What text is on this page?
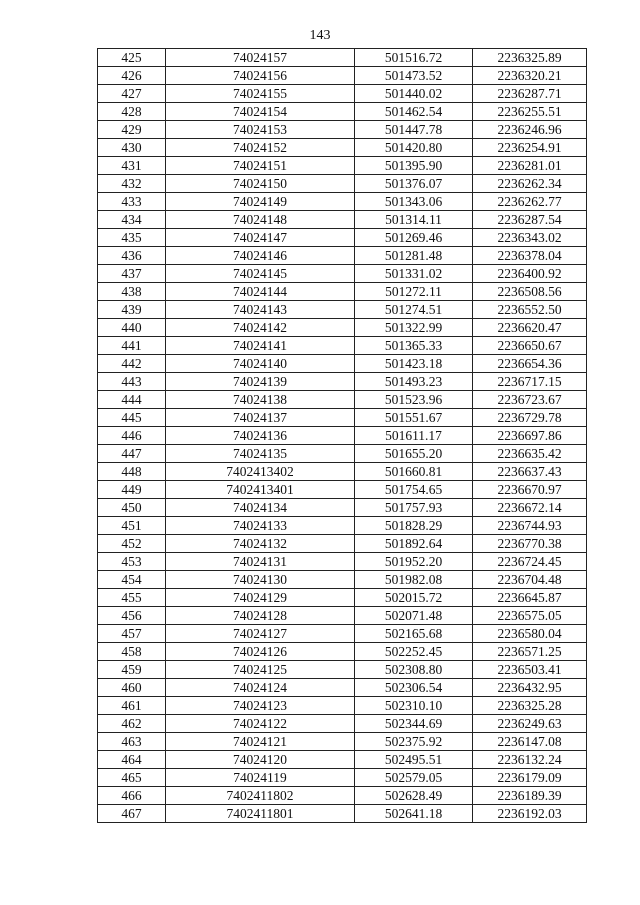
143
425	74024157	501516.72	2236325.89
426	74024156	501473.52	2236320.21
427	74024155	501440.02	2236287.71
428	74024154	501462.54	2236255.51
429	74024153	501447.78	2236246.96
430	74024152	501420.80	2236254.91
431	74024151	501395.90	2236281.01
432	74024150	501376.07	2236262.34
433	74024149	501343.06	2236262.77
434	74024148	501314.11	2236287.54
435	74024147	501269.46	2236343.02
436	74024146	501281.48	2236378.04
437	74024145	501331.02	2236400.92
438	74024144	501272.11	2236508.56
439	74024143	501274.51	2236552.50
440	74024142	501322.99	2236620.47
441	74024141	501365.33	2236650.67
442	74024140	501423.18	2236654.36
443	74024139	501493.23	2236717.15
444	74024138	501523.96	2236723.67
445	74024137	501551.67	2236729.78
446	74024136	501611.17	2236697.86
447	74024135	501655.20	2236635.42
448	7402413402	501660.81	2236637.43
449	7402413401	501754.65	2236670.97
450	74024134	501757.93	2236672.14
451	74024133	501828.29	2236744.93
452	74024132	501892.64	2236770.38
453	74024131	501952.20	2236724.45
454	74024130	501982.08	2236704.48
455	74024129	502015.72	2236645.87
456	74024128	502071.48	2236575.05
457	74024127	502165.68	2236580.04
458	74024126	502252.45	2236571.25
459	74024125	502308.80	2236503.41
460	74024124	502306.54	2236432.95
461	74024123	502310.10	2236325.28
462	74024122	502344.69	2236249.63
463	74024121	502375.92	2236147.08
464	74024120	502495.51	2236132.24
465	74024119	502579.05	2236179.09
466	7402411802	502628.49	2236189.39
467	7402411801	502641.18	2236192.03
